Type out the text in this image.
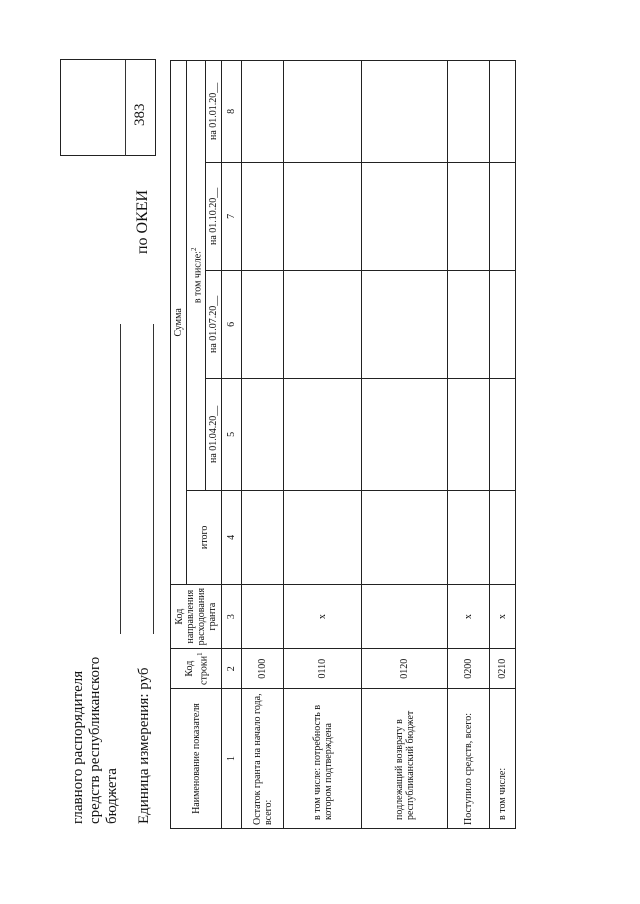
главного распорядителя средств республиканского бюджета Единица измерения: руб
по ОКЕИ
383
Наименование показателя	Код строки$^1$	Код направления расходования гранта	Сумма				
			итого	в том числе:$^2$
				на 01.04.20__	на 01.07.20__	на 01.10.20__	на 01.01.20__
1	2	3	4	5	6	7	8
Остаток гранта на начало года, всего:	0100						
в том числе: потребность в котором подтверждена	0110	x					
подлежащий возврату в республиканский бюджет	0120						
Поступило средств, всего:	0200	x					
в том числе:	0210	x					
